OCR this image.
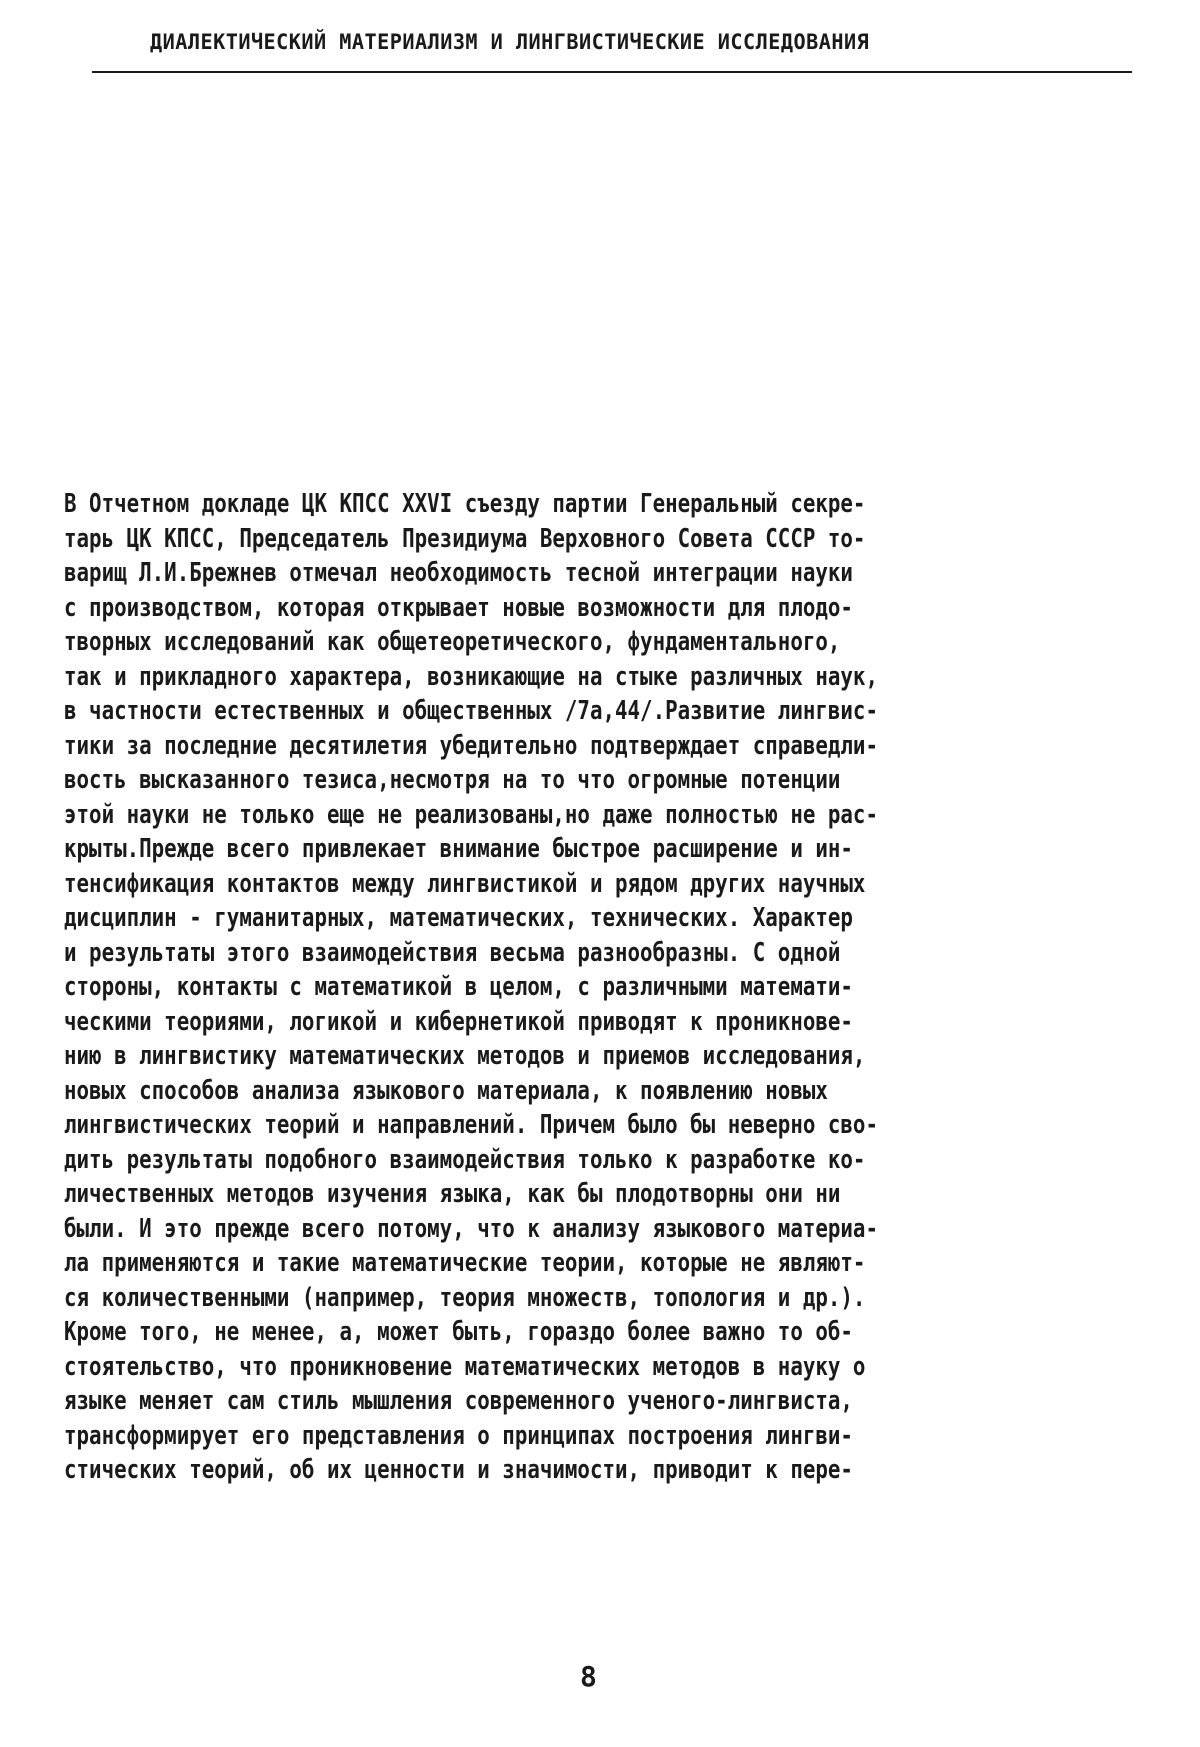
ДИАЛЕКТИЧЕСКИЙ МАТЕРИАЛИЗМ И ЛИНГВИСТИЧЕСКИЕ ИССЛЕДОВАНИЯ
В Отчетном докладе ЦК КПСС XXVI съезду партии Генеральный секре-
тарь ЦК КПСС, Председатель Президиума Верховного Совета СССР то-
варищ Л.И.Брежнев отмечал необходимость тесной интеграции науки
с производством, которая открывает новые возможности для плодо-
творных исследований как общетеоретического, фундаментального,
так и прикладного характера, возникающие на стыке различных наук,
в частности естественных и общественных /7а,44/.Развитие лингвис-
тики за последние десятилетия убедительно подтверждает справедли-
вость высказанного тезиса,несмотря на то что огромные потенции
этой науки не только еще не реализованы,но даже полностью не рас-
крыты.Прежде всего привлекает внимание быстрое расширение и ин-
тенсификация контактов между лингвистикой и рядом других научных
дисциплин - гуманитарных, математических, технических. Характер
и результаты этого взаимодействия весьма разнообразны. С одной
стороны, контакты с математикой в целом, с различными математи-
ческими теориями, логикой и кибернетикой приводят к проникнове-
нию в лингвистику математических методов и приемов исследования,
новых способов анализа языкового материала, к появлению новых
лингвистических теорий и направлений. Причем было бы неверно сво-
дить результаты подобного взаимодействия только к разработке ко-
личественных методов изучения языка, как бы плодотворны они ни
были. И это прежде всего потому, что к анализу языкового материа-
ла применяются и такие математические теории, которые не являют-
ся количественными (например, теория множеств, топология и др.).
Кроме того, не менее, а, может быть, гораздо более важно то об-
стоятельство, что проникновение математических методов в науку о
языке меняет сам стиль мышления современного ученого-лингвиста,
трансформирует его представления о принципах построения лингви-
стических теорий, об их ценности и значимости, приводит к пере-
8
